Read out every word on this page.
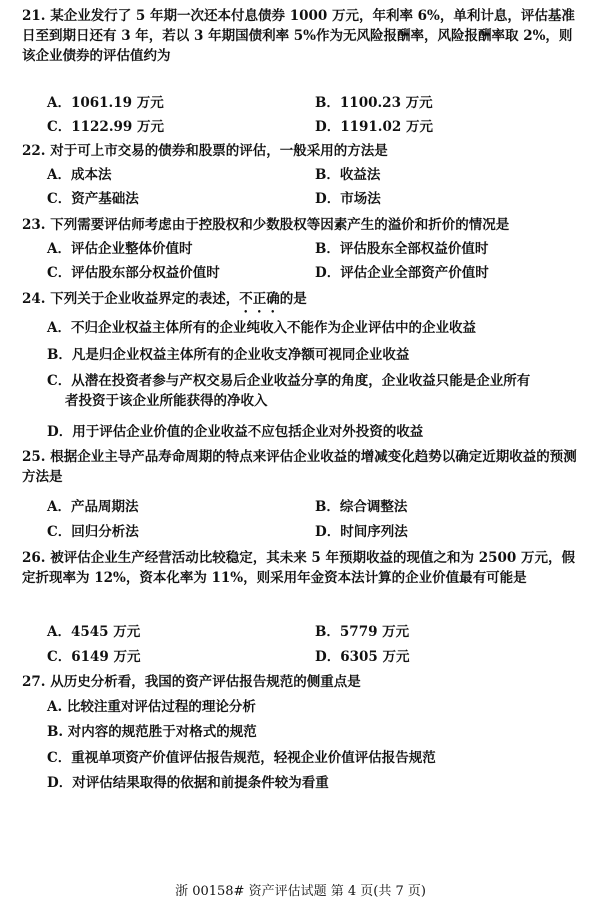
21. 某企业发行了 5 年期一次还本付息债券 1000 万元，年利率 6%，单利计息，评估基准日至到期日还有 3 年，若以 3 年期国债利率 5%作为无风险报酬率，风险报酬率取 2%，则该企业债券的评估值约为
A．1061.19 万元	B．1100.23 万元
C．1122.99 万元	D．1191.02 万元
22. 对于可上市交易的债券和股票的评估，一般采用的方法是
A．成本法	B．收益法
C．资产基础法	D．市场法
23. 下列需要评估师考虑由于控股权和少数股权等因素产生的溢价和折价的情况是
A．评估企业整体价值时	B．评估股东全部权益价值时
C．评估股东部分权益价值时	D．评估企业全部资产价值时
24. 下列关于企业收益界定的表述，不正确的是
A．不归企业权益主体所有的企业纯收入不能作为企业评估中的企业收益
B．凡是归企业权益主体所有的企业收支净额可视同企业收益
C．从潜在投资者参与产权交易后企业收益分享的角度，企业收益只能是企业所有
者投资于该企业所能获得的净收入
D．用于评估企业价值的企业收益不应包括企业对外投资的收益
25. 根据企业主导产品寿命周期的特点来评估企业收益的增减变化趋势以确定近期收益的预测方法是
A．产品周期法	B．综合调整法
C．回归分析法	D．时间序列法
26. 被评估企业生产经营活动比较稳定，其未来 5 年预期收益的现值之和为 2500 万元，假定折现率为 12%，资本化率为 11%，则采用年金资本法计算的企业价值最有可能是
A．4545 万元	B．5779 万元
C．6149 万元	D．6305 万元
27. 从历史分析看，我国的资产评估报告规范的侧重点是
A. 比较注重对评估过程的理论分析
B. 对内容的规范胜于对格式的规范
C．重视单项资产价值评估报告规范，轻视企业价值评估报告规范
D．对评估结果取得的依据和前提条件较为看重
浙 00158# 资产评估试题 第 4 页(共 7 页)
